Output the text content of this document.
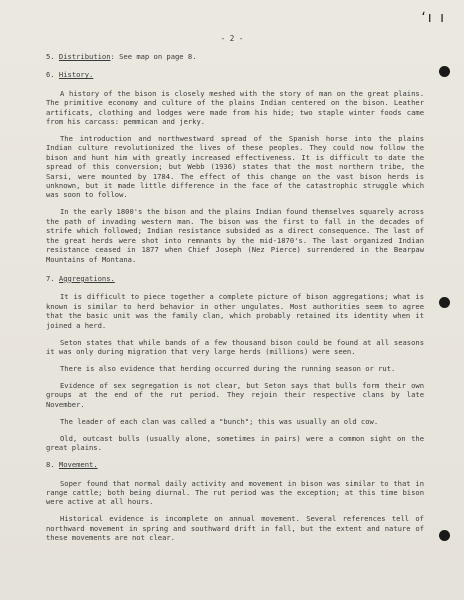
ʻı ı
- 2 -
5. Distribution: See map on page 8.
6. History.

A history of the bison is closely meshed with the story of man on the great plains. The primitive economy and culture of the plains Indian centered on the bison. Leather artificats, clothing and lodges were made from his hide; two staple winter foods came from his carcass: pemmican and jerky.

The introduction and northwestward spread of the Spanish horse into the plains Indian culture revolutionized the lives of these peoples. They could now follow the bison and hunt him with greatly increased effectiveness. It is difficult to date the spread of this conversion; but Webb (1936) states that the most northern tribe, the Sarsi, were mounted by 1784. The effect of this change on the vast bison herds is unknown, but it made little difference in the face of the catastrophic struggle which was soon to follow.

In the early 1800's the bison and the plains Indian found themselves squarely across the path of invading western man. The bison was the first to fall in the decades of strife which followed; Indian resistance subsided as a direct consequence. The last of the great herds were shot into remnants by the mid-1870's. The last organized Indian resistance ceased in 1877 when Chief Joseph (Nez Pierce) surrendered in the Bearpaw Mountains of Montana.

7. Aggregations.

It is difficult to piece together a complete picture of bison aggregations; what is known is similar to herd behavior in other ungulates. Most authorities seem to agree that the basic unit was the family clan, which probably retained its identity when it joined a herd.

Seton states that while bands of a few thousand bison could be found at all seasons it was only during migration that very large herds (millions) were seen.

There is also evidence that herding occurred during the running season or rut.

Evidence of sex segregation is not clear, but Seton says that bulls form their own groups at the end of the rut period. They rejoin their respective clans by late November.

The leader of each clan was called a "bunch"; this was usually an old cow.

Old, outcast bulls (usually alone, sometimes in pairs) were a common sight on the great plains.

8. Movement.

Soper found that normal daily activity and movement in bison was similar to that in range cattle; both being diurnal. The rut period was the exception; at this time bison were active at all hours.

Historical evidence is incomplete on annual movement. Several references tell of northward movement in spring and southward drift in fall, but the extent and nature of these movements are not clear.
